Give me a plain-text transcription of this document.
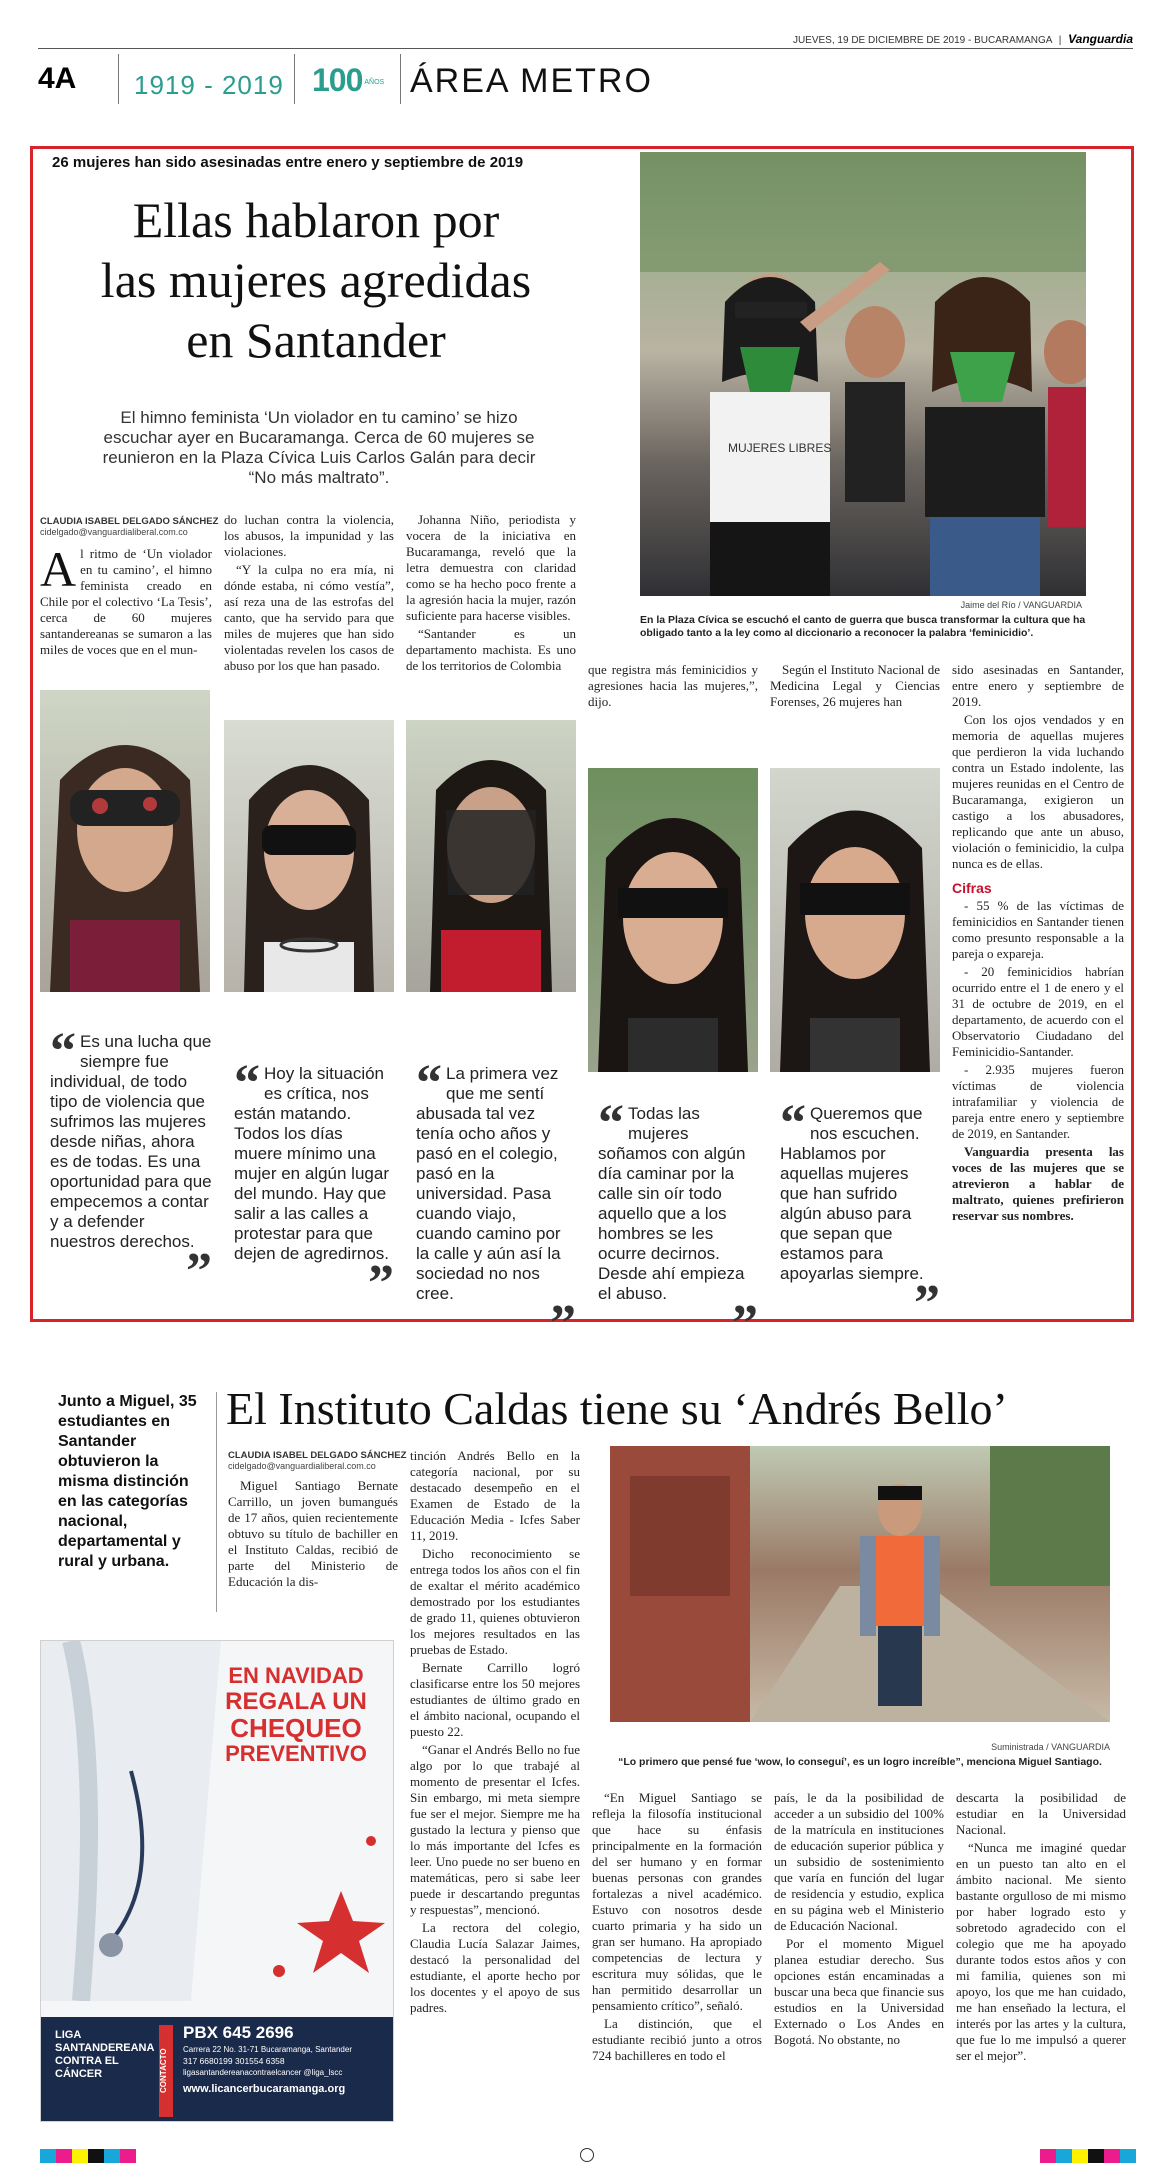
JUEVES, 19 DE DICIEMBRE DE 2019 - BUCARAMANGA | Vanguardia
4A 1919 - 2019 100 AÑOS ÁREA METRO
26 mujeres han sido asesinadas entre enero y septiembre de 2019
Ellas hablaron por
las mujeres agredidas
en Santander
El himno feminista ‘Un violador en tu camino’ se hizo escuchar ayer en Bucaramanga. Cerca de 60 mujeres se reunieron en la Plaza Cívica Luis Carlos Galán para decir “No más maltrato”.
MUJERES LIBRES
Jaime del Río / VANGUARDIA
En la Plaza Cívica se escuchó el canto de guerra que busca transformar la cultura que ha obligado tanto a la ley como al diccionario a reconocer la palabra ‘feminicidio’.
CLAUDIA ISABEL DELGADO SÁNCHEZ
cidelgado@vanguardialiberal.com.co
A l ritmo de ‘Un violador en tu camino’, el himno feminista creado en Chile por el colectivo ‘La Tesis’, cerca de 60 mujeres santandereanas se sumaron a las miles de voces que en el mun-

do luchan contra la violencia, los abusos, la impunidad y las violaciones.

“Y la culpa no era mía, ni dónde estaba, ni cómo vestía”, así reza una de las estrofas del canto, que ha servido para que miles de mujeres que han sido violentadas revelen los casos de abuso por los que han pasado.

Johanna Niño, periodista y vocera de la iniciativa en Bucaramanga, reveló que la letra demuestra con claridad como se ha hecho poco frente a la agresión hacia la mujer, razón suficiente para hacerse visibles.

“Santander es un departamento machista. Es uno de los territorios de Colombia	que registra más feminicidios y agresiones hacia las mujeres,”, dijo.

Según el Instituto Nacional de Medicina Legal y Ciencias Forenses, 26 mujeres han

sido asesinadas en Santander, entre enero y septiembre de 2019.

Con los ojos vendados y en memoria de aquellas mujeres que perdieron la vida luchando contra un Estado indolente, las mujeres reunidas en el Centro de Bucaramanga, exigieron un castigo a los abusadores, replicando que ante un abuso, violación o feminicidio, la culpa nunca es de ellas.

Cifras

- 55 % de las víctimas de feminicidios en Santander tienen como presunto responsable a la pareja o expareja.

- 20 feminicidios habrían ocurrido entre el 1 de enero y el 31 de octubre de 2019, en el departamento, de acuerdo con el Observatorio Ciudadano del Feminicidio-Santander.

- 2.935 mujeres fueron víctimas de violencia intrafamiliar y violencia de pareja entre enero y septiembre de 2019, en Santander.

Vanguardia presenta las voces de las mujeres que se atrevieron a hablar de maltrato, quienes prefirieron reservar sus nombres.

“ Es una lucha que siempre fue individual, de todo tipo de violencia que sufrimos las mujeres desde niñas, ahora es de todas. Es una oportunidad para que empecemos a contar y a defender nuestros derechos.
”
“ Hoy la situación es crítica, nos están matando. Todos los días muere mínimo una mujer en algún lugar del mundo. Hay que salir a las calles a protestar para que dejen de agredirnos.
”
“ La primera vez que me sentí abusada tal vez tenía ocho años y pasó en el colegio, pasó en la universidad. Pasa cuando viajo, cuando camino por la calle y aún así la sociedad no nos cree.
”
“ Todas las mujeres soñamos con algún día caminar por la calle sin oír todo aquello que a los hombres se les ocurre decirnos. Desde ahí empieza el abuso.
”
“ Queremos que nos escuchen. Hablamos por aquellas mujeres que han sufrido algún abuso para que sepan que estamos para apoyarlas siempre.
”
Junto a Miguel, 35 estudiantes en Santander obtuvieron la misma distinción en las categorías nacional, departamental y rural y urbana.
El Instituto Caldas tiene su ‘Andrés Bello’
CLAUDIA ISABEL DELGADO SÁNCHEZ
cidelgado@vanguardialiberal.com.co

Miguel Santiago Bernate Carrillo, un joven bumangués de 17 años, quien recientemente obtuvo su título de bachiller en el Instituto Caldas, recibió de parte del Ministerio de Educación la dis-

tinción Andrés Bello en la categoría nacional, por su destacado desempeño en el Examen de Estado de la Educación Media - Icfes Saber 11, 2019.

Dicho reconocimiento se entrega todos los años con el fin de exaltar el mérito académico demostrado por los estudiantes de grado 11, quienes obtuvieron los mejores resultados en las pruebas de Estado.

Bernate Carrillo logró clasificarse entre los 50 mejores estudiantes de último grado en el ámbito nacional, ocupando el puesto 22.

“Ganar el Andrés Bello no fue algo por lo que trabajé al momento de presentar el Icfes. Sin embargo, mi meta siempre fue ser el mejor. Siempre me ha gustado la lectura y pienso que lo más importante del Icfes es leer. Uno puede no ser bueno en matemáticas, pero si sabe leer puede ir descartando preguntas y respuestas”, mencionó.

La rectora del colegio, Claudia Lucía Salazar Jaimes, destacó la personalidad del estudiante, el aporte hecho por los docentes y el apoyo de sus padres.

Suministrada / VANGUARDIA
“Lo primero que pensé fue ‘wow, lo conseguí’, es un logro increíble”, menciona Miguel Santiago.

“En Miguel Santiago se refleja la filosofía institucional que hace su énfasis principalmente en la formación del ser humano y en formar buenas personas con grandes fortalezas a nivel académico. Estuvo con nosotros desde cuarto primaria y ha sido un gran ser humano. Ha apropiado competencias de lectura y escritura muy sólidas, que le han permitido desarrollar un pensamiento crítico”, señaló.

La distinción, que el estudiante recibió junto a otros 724 bachilleres en todo el

país, le da la posibilidad de acceder a un subsidio del 100% de la matrícula en instituciones de educación superior pública y un subsidio de sostenimiento que varía en función del lugar de residencia y estudio, explica en su página web el Ministerio de Educación Nacional.

Por el momento Miguel planea estudiar derecho. Sus opciones están encaminadas a buscar una beca que financie sus estudios en la Universidad Externado o Los Andes en Bogotá. No obstante, no

descarta la posibilidad de estudiar en la Universidad Nacional.

“Nunca me imaginé quedar en un puesto tan alto en el ámbito nacional. Me siento bastante orgulloso de mi mismo por haber logrado esto y sobretodo agradecido con el colegio que me ha apoyado durante todos estos años y con mi familia, quienes son mi apoyo, los que me han cuidado, me han enseñado la lectura, el interés por las artes y la cultura, que fue lo me impulsó a querer ser el mejor”.

EN NAVIDAD
REGALA UN
CHEQUEO
PREVENTIVO
LIGA
SANTANDEREANA
CONTRA EL
CÁNCER	CONTACTO
PBX 645 2696
Carrera 22 No. 31-71 Bucaramanga, Santander
317 6680199 301554 6358
ligasantandereanacontraelcancer @liga_lscc
www.licancerbucaramanga.org
